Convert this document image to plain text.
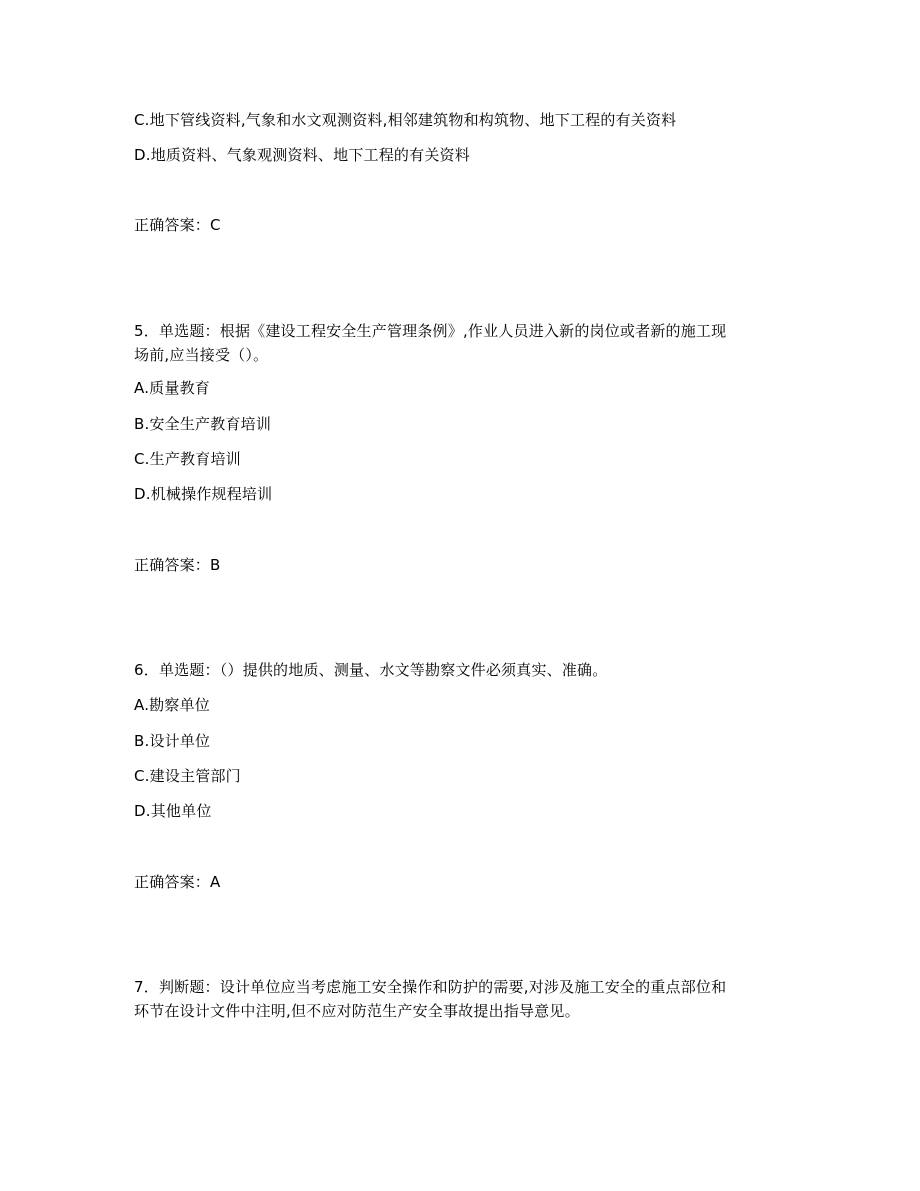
C.地下管线资料,气象和水文观测资料,相邻建筑物和构筑物、地下工程的有关资料
D.地质资料、气象观测资料、地下工程的有关资料
正确答案：C
5．单选题：根据《建设工程安全生产管理条例》,作业人员进入新的岗位或者新的施工现
场前,应当接受（）。
A.质量教育
B.安全生产教育培训
C.生产教育培训
D.机械操作规程培训
正确答案：B
6．单选题：（）提供的地质、测量、水文等勘察文件必须真实、准确。
A.勘察单位
B.设计单位
C.建设主管部门
D.其他单位
正确答案：A
7．判断题：设计单位应当考虑施工安全操作和防护的需要,对涉及施工安全的重点部位和
环节在设计文件中注明,但不应对防范生产安全事故提出指导意见。
